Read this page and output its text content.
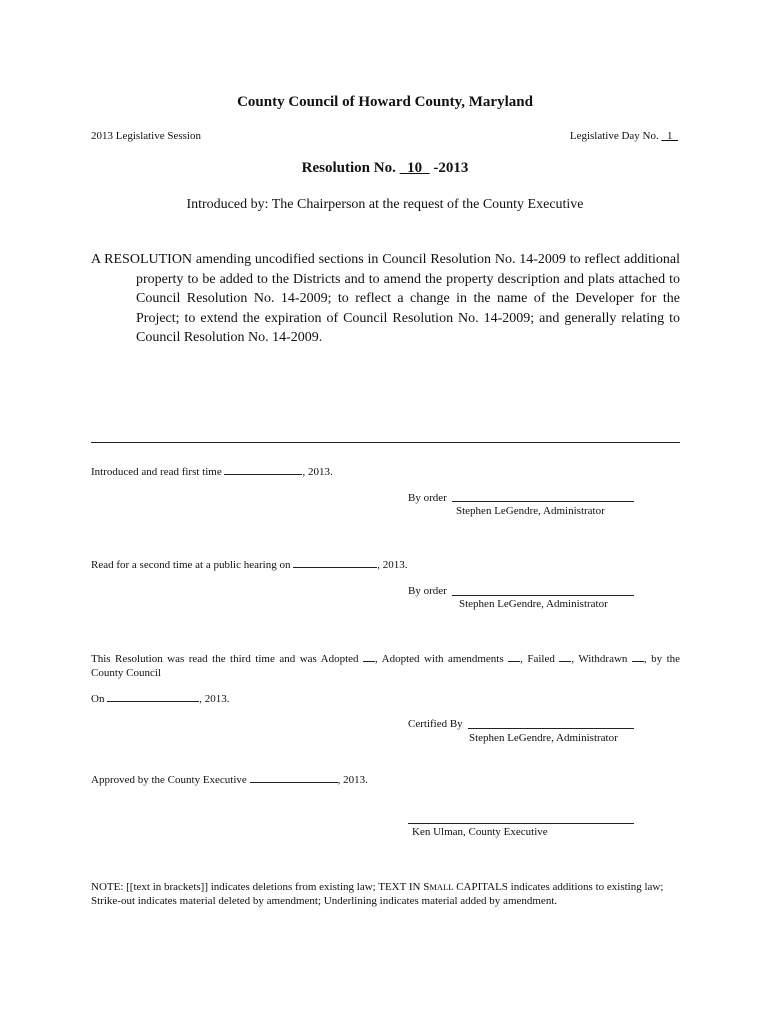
County Council of Howard County, Maryland
2013 Legislative Session	Legislative Day No. 1
Resolution No. 10 -2013
Introduced by: The Chairperson at the request of the County Executive
A RESOLUTION amending uncodified sections in Council Resolution No. 14-2009 to reflect additional property to be added to the Districts and to amend the property description and plats attached to Council Resolution No. 14-2009; to reflect a change in the name of the Developer for the Project; to extend the expiration of Council Resolution No. 14-2009; and generally relating to Council Resolution No. 14-2009.
Introduced and read first time	, 2013.
By order
Stephen LeGendre, Administrator
Read for a second time at a public hearing on	, 2013.
By order
Stephen LeGendre, Administrator
This Resolution was read the third time and was Adopted , Adopted with amendments , Failed , Withdrawn , by the County Council
On	, 2013.
Certified By
Stephen LeGendre, Administrator
Approved by the County Executive	, 2013.
Ken Ulman, County Executive
NOTE: [[text in brackets]] indicates deletions from existing law; TEXT IN SMALL CAPITALS indicates additions to existing law; Strike-out indicates material deleted by amendment; Underlining indicates material added by amendment.
